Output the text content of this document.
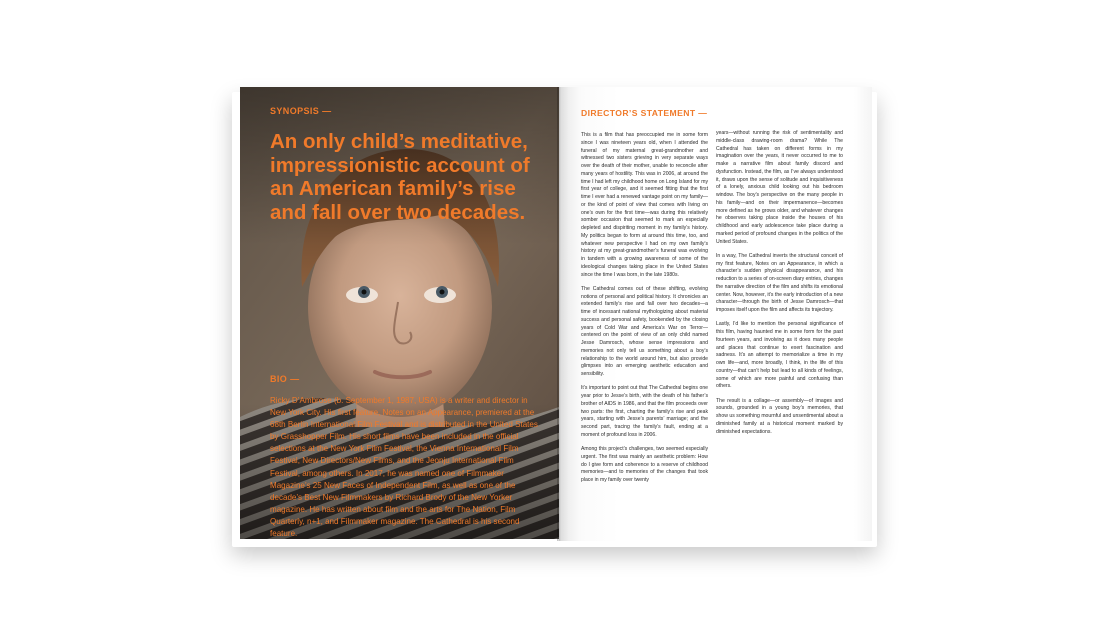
SYNOPSIS —
An only child’s meditative, impressionistic account of an American family’s rise and fall over two decades.
BIO —

Ricky D’Ambrose (b. September 1, 1987, USA) is a writer and director in New York City. His first feature, Notes on an Appearance, premiered at the 68th Berlin International Film Festival and is distributed in the United States by Grasshopper Film. His short films have been included in the official selections at the New York Film Festival, the Vienna International Film Festival, New Directors/New Films, and the Jeonju International Film Festival, among others. In 2017, he was named one of Filmmaker Magazine’s 25 New Faces of Independent Film, as well as one of the decade’s Best New Filmmakers by Richard Brody of the New Yorker magazine. He has written about film and the arts for The Nation, Film Quarterly, n+1, and Filmmaker magazine. The Cathedral is his second feature.

DIRECTOR’S STATEMENT —

This is a film that has preoccupied me in some form since I was nineteen years old, when I attended the funeral of my maternal great-grandmother and witnessed two sisters grieving in very separate ways over the death of their mother, unable to reconcile after many years of hostility. This was in 2006, at around the time I had left my childhood home on Long Island for my first year of college, and it seemed fitting that the first time I ever had a renewed vantage point on my family—or the kind of point of view that comes with living on one’s own for the first time—was during this relatively somber occasion that seemed to mark an especially depleted and dispiriting moment in my family’s history. My politics began to form at around this time, too, and whatever new perspective I had on my own family’s history at my great-grandmother’s funeral was evolving in tandem with a growing awareness of some of the ideological changes taking place in the United States since the time I was born, in the late 1980s.

The Cathedral comes out of these shifting, evolving notions of personal and political history. It chronicles an extended family’s rise and fall over two decades—a time of incessant national mythologizing about material success and personal safety, bookended by the closing years of Cold War and America’s War on Terror—centered on the point of view of an only child named Jesse Damrosch, whose sense impressions and memories not only tell us something about a boy’s relationship to the world around him, but also provide glimpses into an emerging aesthetic education and sensibility.

It’s important to point out that The Cathedral begins one year prior to Jesse’s birth, with the death of his father’s brother of AIDS in 1986, and that the film proceeds over two parts: the first, charting the family’s rise and peak years, starting with Jesse’s parents’ marriage; and the second part, tracing the family’s fault, ending at a moment of profound loss in 2006.

Among this project’s challenges, two seemed especially urgent. The first was mainly an aesthetic problem: How do I give form and coherence to a reserve of childhood memories—and to memories of the changes that took place in my family over twenty

years—without running the risk of sentimentality and middle-class drawing-room drama? While The Cathedral has taken on different forms in my imagination over the years, it never occurred to me to make a narrative film about family discord and dysfunction. Instead, the film, as I’ve always understood it, draws upon the sense of solitude and inquisitiveness of a lonely, anxious child looking out his bedroom window. The boy’s perspective on the many people in his family—and on their impermanence—becomes more defined as he grows older, and whatever changes he observes taking place inside the houses of his childhood and early adolescence take place during a marked period of profound changes in the politics of the United States.

In a way, The Cathedral inverts the structural conceit of my first feature, Notes on an Appearance, in which a character’s sudden physical disappearance, and his reduction to a series of on-screen diary entries, changes the narrative direction of the film and shifts its emotional center. Now, however, it’s the early introduction of a new character—through the birth of Jesse Damrosch—that imposes itself upon the film and affects its trajectory.

Lastly, I’d like to mention the personal significance of this film, having haunted me in some form for the past fourteen years, and involving as it does many people and places that continue to exert fascination and sadness. It’s an attempt to memorialize a time in my own life—and, more broadly, I think, in the life of this country—that can’t help but lead to all kinds of feelings, some of which are more painful and confusing than others.

The result is a collage—or assembly—of images and sounds, grounded in a young boy’s memories, that show us something mournful and unsentimental about a diminished family at a historical moment marked by diminished expectations.
